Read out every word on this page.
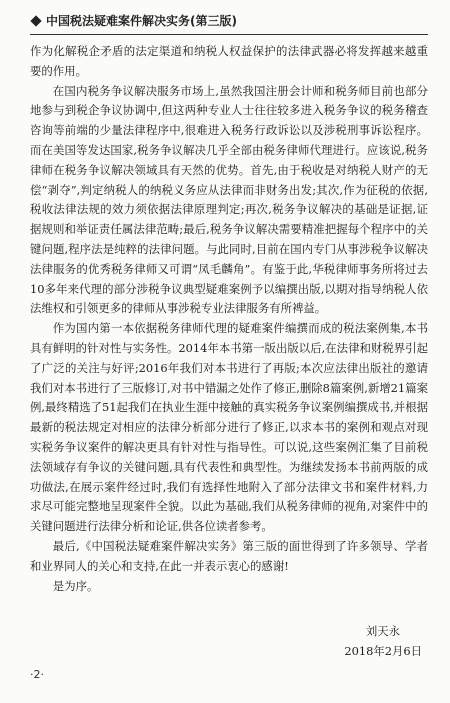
中国税法疑难案件解决实务(第三版)

作为化解税企矛盾的法定渠道和纳税人权益保护的法律武器必将发挥越来越重要的作用。

在国内税务争议解决服务市场上,虽然我国注册会计师和税务师目前也部分地参与到税企争议协调中,但这两种专业人士往往较多进入税务争议的税务稽查咨询等前端的少量法律程序中,很难进入税务行政诉讼以及涉税刑事诉讼程序。而在美国等发达国家,税务争议解决几乎全部由税务律师代理进行。应该说,税务律师在税务争议解决领域具有天然的优势。首先,由于税收是对纳税人财产的无偿“剥夺”,判定纳税人的纳税义务应从法律而非财务出发;其次,作为征税的依据,税收法律法规的效力须依据法律原理判定;再次,税务争议解决的基础是证据,证据规则和举证责任属法律范畴;最后,税务争议解决需要精准把握每个程序中的关键问题,程序法是纯粹的法律问题。与此同时,目前在国内专门从事涉税争议解决法律服务的优秀税务律师又可谓“凤毛麟角”。有鉴于此,华税律师事务所将过去10多年来代理的部分涉税争议典型疑难案例予以编撰出版,以期对指导纳税人依法维权和引领更多的律师从事涉税专业法律服务有所裨益。

作为国内第一本依据税务律师代理的疑难案件编撰而成的税法案例集,本书具有鲜明的针对性与实务性。2014年本书第一版出版以后,在法律和财税界引起了广泛的关注与好评;2016年我们对本书进行了再版;本次应法律出版社的邀请我们对本书进行了三版修订,对书中错漏之处作了修正,删除8篇案例,新增21篇案例,最终精选了51起我们在执业生涯中接触的真实税务争议案例编撰成书,并根据最新的税法规定对相应的法律分析部分进行了修正,以求本书的案例和观点对现实税务争议案件的解决更具有针对性与指导性。可以说,这些案例汇集了目前税法领域存有争议的关键问题,具有代表性和典型性。为继续发扬本书前两版的成功做法,在展示案件经过时,我们有选择性地附入了部分法律文书和案件材料,力求尽可能完整地呈现案件全貌。以此为基础,我们从税务律师的视角,对案件中的关键问题进行法律分析和论证,供各位读者参考。

最后,《中国税法疑难案件解决实务》第三版的面世得到了许多领导、学者和业界同人的关心和支持,在此一并表示衷心的感谢!

是为序。

刘天永
2018年2月6日
·2·
